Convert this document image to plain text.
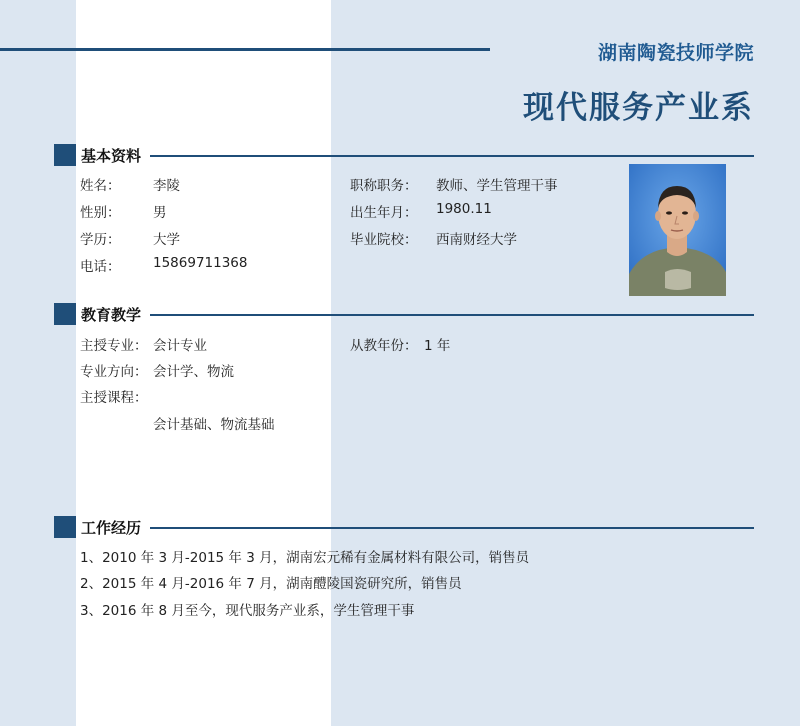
湖南陶瓷技师学院
现代服务产业系
基本资料
姓名： 李陵
性别： 男
学历： 大学
电话： 15869711368
职称职务： 教师、学生管理干事
出生年月： 1980.11
毕业院校： 西南财经大学
教育教学
主授专业： 会计专业	从教年份： 1 年
专业方向： 会计学、物流
主授课程：
会计基础、物流基础
工作经历
1、2010 年 3 月-2015 年 3 月，湖南宏元稀有金属材料有限公司，销售员
2、2015 年 4 月-2016 年 7 月，湖南醴陵国瓷研究所，销售员
3、2016 年 8 月至今，现代服务产业系，学生管理干事
